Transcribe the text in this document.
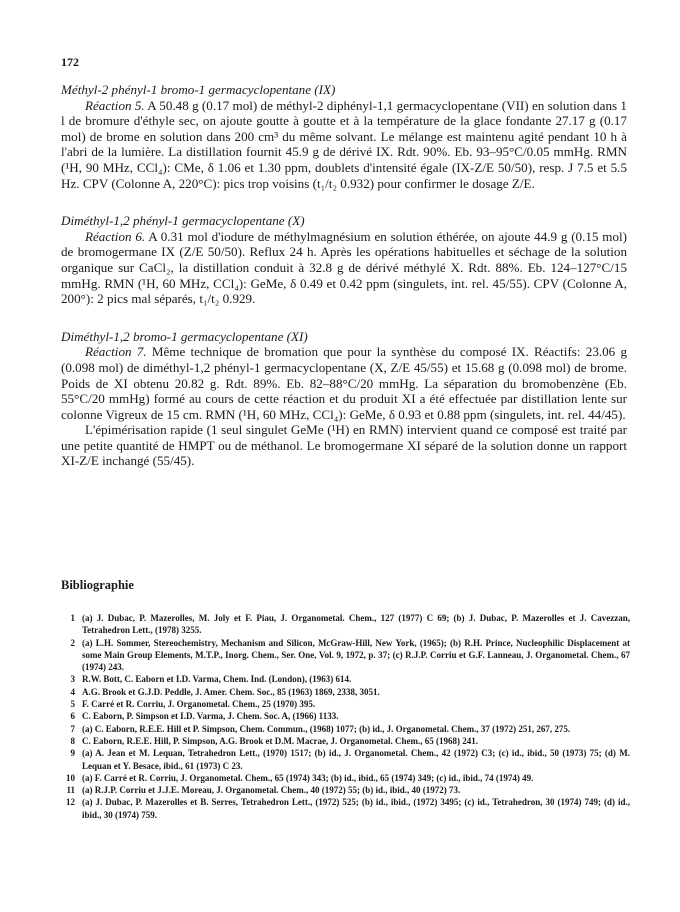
172
Méthyl-2 phényl-1 bromo-1 germacyclopentane (IX)

Réaction 5. A 50.48 g (0.17 mol) de méthyl-2 diphényl-1,1 germacyclopentane (VII) en solution dans 1 l de bromure d'éthyle sec, on ajoute goutte à goutte et à la température de la glace fondante 27.17 g (0.17 mol) de brome en solution dans 200 cm³ du même solvant. Le mélange est maintenu agité pendant 10 h à l'abri de la lumière. La distillation fournit 45.9 g de dérivé IX. Rdt. 90%. Eb. 93–95°C/0.05 mmHg. RMN (¹H, 90 MHz, CCl₄): CMe, δ 1.06 et 1.30 ppm, doublets d'intensité égale (IX-Z/E 50/50), resp. J 7.5 et 5.5 Hz. CPV (Colonne A, 220°C): pics trop voisins (t₁/t₂ 0.932) pour confirmer le dosage Z/E.

Diméthyl-1,2 phényl-1 germacyclopentane (X)

Réaction 6. A 0.31 mol d'iodure de méthylmagnésium en solution éthérée, on ajoute 44.9 g (0.15 mol) de bromogermane IX (Z/E 50/50). Reflux 24 h. Après les opérations habituelles et séchage de la solution organique sur CaCl₂, la distillation conduit à 32.8 g de dérivé méthylé X. Rdt. 88%. Eb. 124–127°C/15 mmHg. RMN (¹H, 60 MHz, CCl₄): GeMe, δ 0.49 et 0.42 ppm (singulets, int. rel. 45/55). CPV (Colonne A, 200°): 2 pics mal séparés, t₁/t₂ 0.929.

Diméthyl-1,2 bromo-1 germacyclopentane (XI)

Réaction 7. Même technique de bromation que pour la synthèse du composé IX. Réactifs: 23.06 g (0.098 mol) de diméthyl-1,2 phényl-1 germacyclopentane (X, Z/E 45/55) et 15.68 g (0.098 mol) de brome. Poids de XI obtenu 20.82 g. Rdt. 89%. Eb. 82–88°C/20 mmHg. La séparation du bromobenzène (Eb. 55°C/20 mmHg) formé au cours de cette réaction et du produit XI a été effectuée par distillation lente sur colonne Vigreux de 15 cm. RMN (¹H, 60 MHz, CCl₄): GeMe, δ 0.93 et 0.88 ppm (singulets, int. rel. 44/45).

L'épimérisation rapide (1 seul singulet GeMe (¹H) en RMN) intervient quand ce composé est traité par une petite quantité de HMPT ou de méthanol. Le bromogermane XI séparé de la solution donne un rapport XI-Z/E inchangé (55/45).

Bibliographie
1 (a) J. Dubac, P. Mazerolles, M. Joly et F. Piau, J. Organometal. Chem., 127 (1977) C 69; (b) J. Dubac, P. Mazerolles et J. Cavezzan, Tetrahedron Lett., (1978) 3255.
2 (a) L.H. Sommer, Stereochemistry, Mechanism and Silicon, McGraw-Hill, New York, (1965); (b) R.H. Prince, Nucleophilic Displacement at some Main Group Elements, M.T.P., Inorg. Chem., Ser. One, Vol. 9, 1972, p. 37; (c) R.J.P. Corriu et G.F. Lanneau, J. Organometal. Chem., 67 (1974) 243.
3 R.W. Bott, C. Eaborn et I.D. Varma, Chem. Ind. (London), (1963) 614.
4 A.G. Brook et G.J.D. Peddle, J. Amer. Chem. Soc., 85 (1963) 1869, 2338, 3051.
5 F. Carré et R. Corriu, J. Organometal. Chem., 25 (1970) 395.
6 C. Eaborn, P. Simpson et I.D. Varma, J. Chem. Soc. A, (1966) 1133.
7 (a) C. Eaborn, R.E.E. Hill et P. Simpson, Chem. Commun., (1968) 1077; (b) id., J. Organometal. Chem., 37 (1972) 251, 267, 275.
8 C. Eaborn, R.E.E. Hill, P. Simpson, A.G. Brook et D.M. Macrae, J. Organometal. Chem., 65 (1968) 241.
9 (a) A. Jean et M. Lequan, Tetrahedron Lett., (1970) 1517; (b) id., J. Organometal. Chem., 42 (1972) C3; (c) id., ibid., 50 (1973) 75; (d) M. Lequan et Y. Besace, ibid., 61 (1973) C 23.
10 (a) F. Carré et R. Corriu, J. Organometal. Chem., 65 (1974) 343; (b) id., ibid., 65 (1974) 349; (c) id., ibid., 74 (1974) 49.
11 (a) R.J.P. Corriu et J.J.E. Moreau, J. Organometal. Chem., 40 (1972) 55; (b) id., ibid., 40 (1972) 73.
12 (a) J. Dubac, P. Mazerolles et B. Serres, Tetrahedron Lett., (1972) 525; (b) id., ibid., (1972) 3495; (c) id., Tetrahedron, 30 (1974) 749; (d) id., ibid., 30 (1974) 759.
